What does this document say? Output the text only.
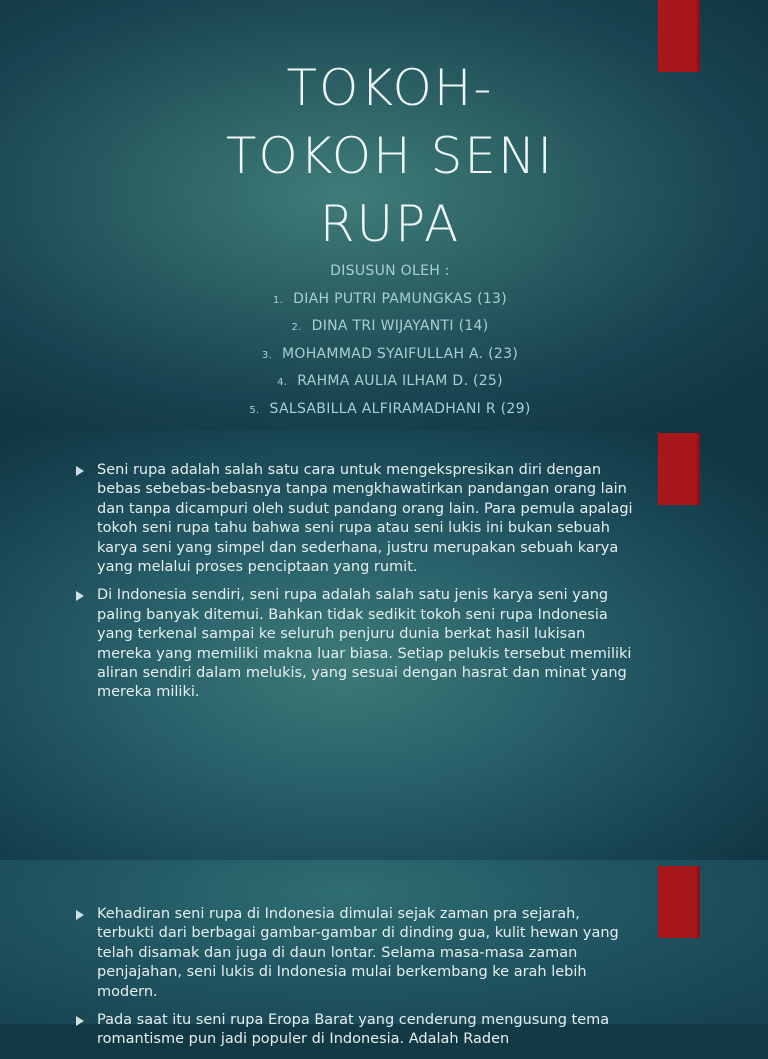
TOKOH-
TOKOH SENI
RUPA
DISUSUN OLEH :
1. DIAH PUTRI PAMUNGKAS (13)
2. DINA TRI WIJAYANTI (14)
3. MOHAMMAD SYAIFULLAH A. (23)
4. RAHMA AULIA ILHAM D. (25)
5. SALSABILLA ALFIRAMADHANI R (29)
Seni rupa adalah salah satu cara untuk mengekspresikan diri dengan bebas sebebas-bebasnya tanpa mengkhawatirkan pandangan orang lain dan tanpa dicampuri oleh sudut pandang orang lain. Para pemula apalagi tokoh seni rupa tahu bahwa seni rupa atau seni lukis ini bukan sebuah karya seni yang simpel dan sederhana, justru merupakan sebuah karya yang melalui proses penciptaan yang rumit.
Di Indonesia sendiri, seni rupa adalah salah satu jenis karya seni yang paling banyak ditemui. Bahkan tidak sedikit tokoh seni rupa Indonesia yang terkenal sampai ke seluruh penjuru dunia berkat hasil lukisan mereka yang memiliki makna luar biasa. Setiap pelukis tersebut memiliki aliran sendiri dalam melukis, yang sesuai dengan hasrat dan minat yang mereka miliki.
Kehadiran seni rupa di Indonesia dimulai sejak zaman pra sejarah, terbukti dari berbagai gambar-gambar di dinding gua, kulit hewan yang telah disamak dan juga di daun lontar. Selama masa-masa zaman penjajahan, seni lukis di Indonesia mulai berkembang ke arah lebih modern.
Pada saat itu seni rupa Eropa Barat yang cenderung mengusung tema romantisme pun jadi populer di Indonesia. Adalah Raden
